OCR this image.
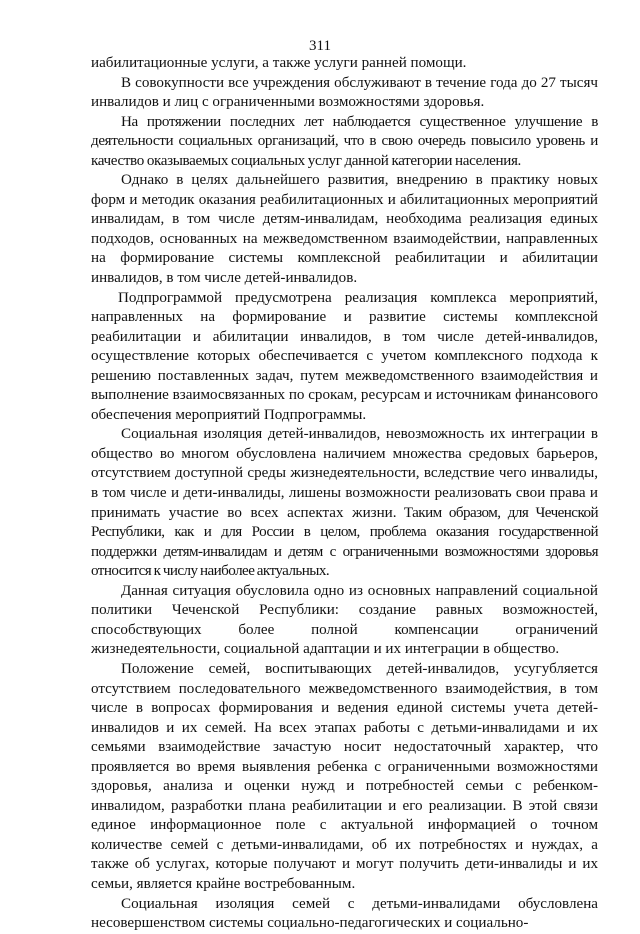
311

иабилитационные услуги, а также услуги ранней помощи.

В совокупности все учреждения обслуживают в течение года до 27 тысяч инвалидов и лиц с ограниченными возможностями здоровья.

На протяжении последних лет наблюдается существенное улучшение в деятельности социальных организаций, что в свою очередь повысило уровень и качество оказываемых социальных услуг данной категории населения.

Однако в целях дальнейшего развития, внедрению в практику новых форм и методик оказания реабилитационных и абилитационных мероприятий инвалидам, в том числе детям-инвалидам, необходима реализация единых подходов, основанных на межведомственном взаимодействии, направленных на формирование системы комплексной реабилитации и абилитации инвалидов, в том числе детей-инвалидов.

Подпрограммой предусмотрена реализация комплекса мероприятий, направленных на формирование и развитие системы комплексной реабилитации и абилитации инвалидов, в том числе детей-инвалидов, осуществление которых обеспечивается с учетом комплексного подхода к решению поставленных задач, путем межведомственного взаимодействия и выполнение взаимосвязанных по срокам, ресурсам и источникам финансового обеспечения мероприятий Подпрограммы.

Социальная изоляция детей-инвалидов, невозможность их интеграции в общество во многом обусловлена наличием множества средовых барьеров, отсутствием доступной среды жизнедеятельности, вследствие чего инвалиды, в том числе и дети-инвалиды, лишены возможности реализовать свои права и принимать участие во всех аспектах жизни. Таким образом, для Чеченской Республики, как и для России в целом, проблема оказания государственной поддержки детям-инвалидам и детям с ограниченными возможностями здоровья относится к числу наиболее актуальных.

Данная ситуация обусловила одно из основных направлений социальной политики Чеченской Республики: создание равных возможностей, способствующих более полной компенсации ограничений жизнедеятельности, социальной адаптации и их интеграции в общество.

Положение семей, воспитывающих детей-инвалидов, усугубляется отсутствием последовательного межведомственного взаимодействия, в том числе в вопросах формирования и ведения единой системы учета детей-инвалидов и их семей. На всех этапах работы с детьми-инвалидами и их семьями взаимодействие зачастую носит недостаточный характер, что проявляется во время выявления ребенка с ограниченными возможностями здоровья, анализа и оценки нужд и потребностей семьи с ребенком-инвалидом, разработки плана реабилитации и его реализации. В этой связи единое информационное поле с актуальной информацией о точном количестве семей с детьми-инвалидами, об их потребностях и нуждах, а также об услугах, которые получают и могут получить дети-инвалиды и их семьи, является крайне востребованным.

Социальная изоляция семей с детьми-инвалидами обусловлена несовершенством системы социально-педагогических и социально-
